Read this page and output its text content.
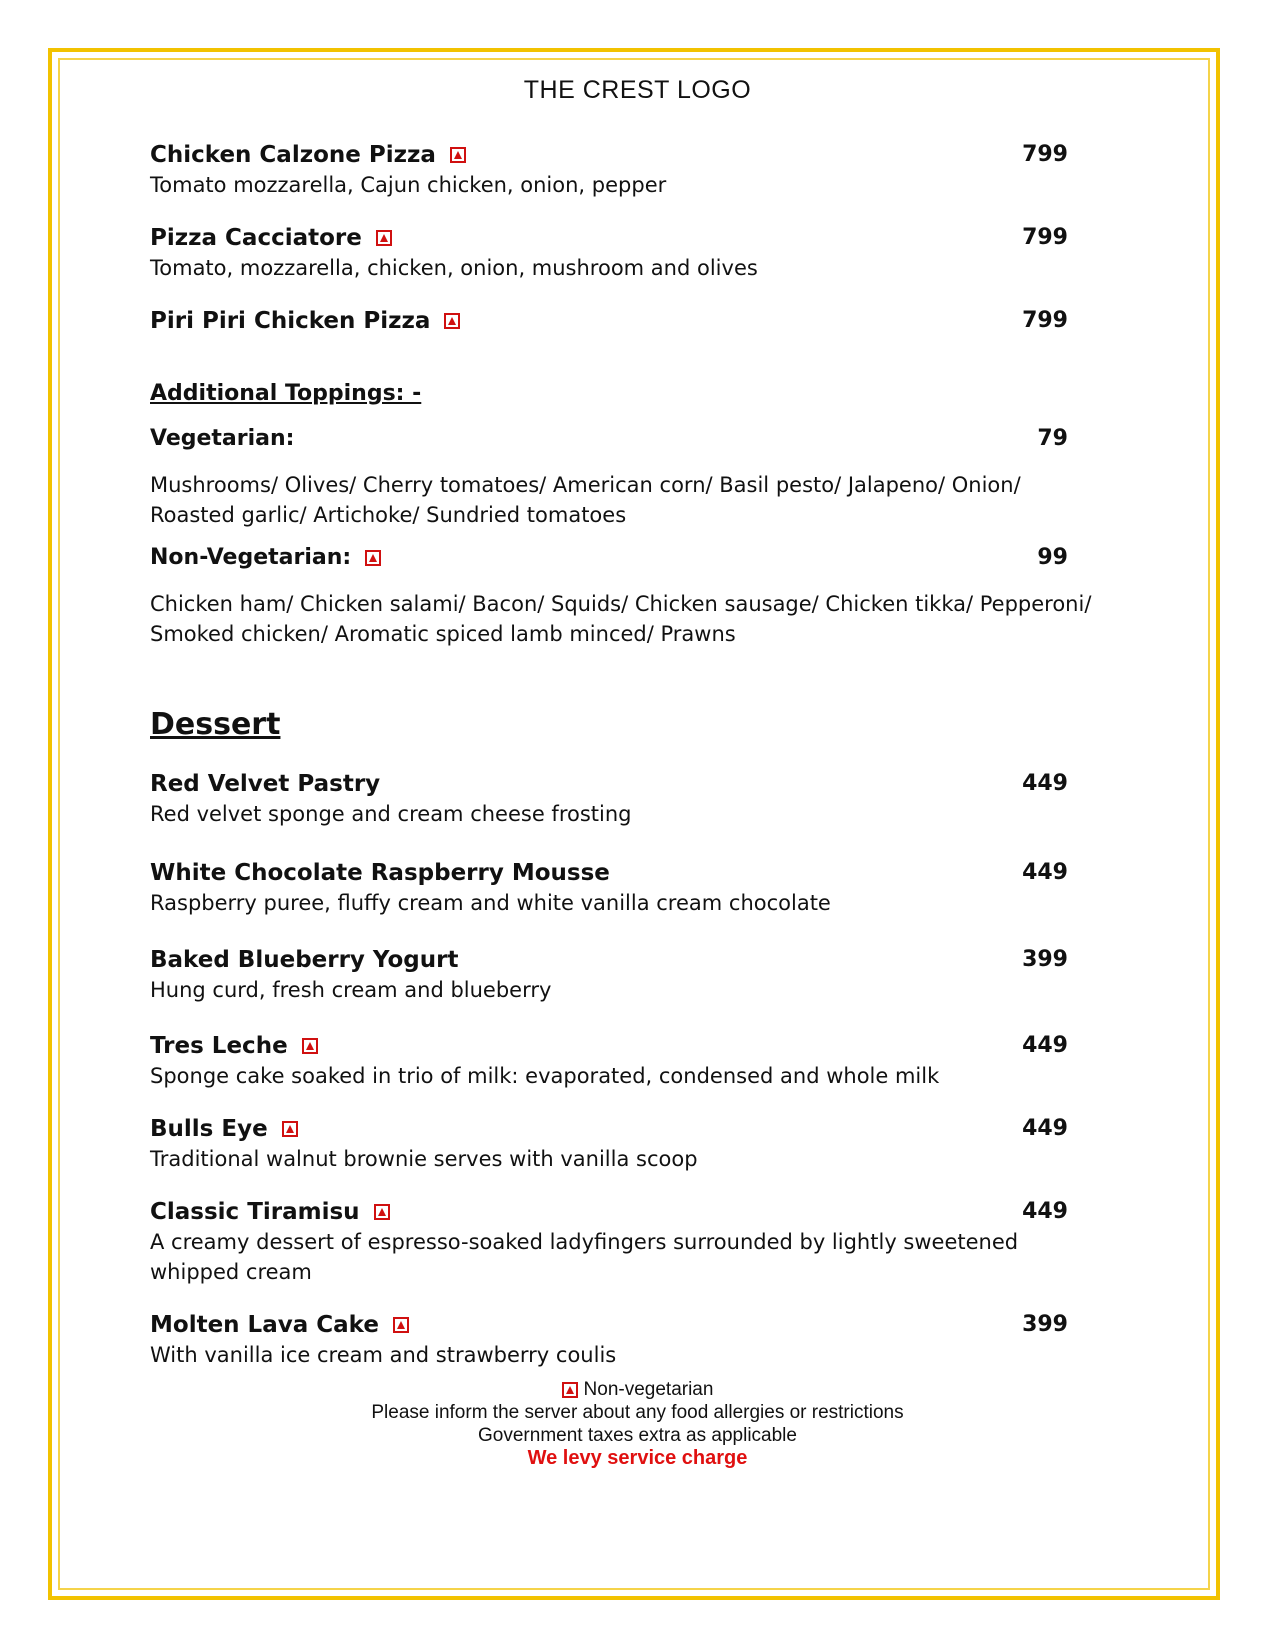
THE CREST LOGO
Chicken Calzone Pizza	799
Tomato mozzarella, Cajun chicken, onion, pepper
Pizza Cacciatore	799
Tomato, mozzarella, chicken, onion, mushroom and olives
Piri Piri Chicken Pizza	799
Additional Toppings: -
Vegetarian:	79
Mushrooms/ Olives/ Cherry tomatoes/ American corn/ Basil pesto/ Jalapeno/ Onion/ Roasted garlic/ Artichoke/ Sundried tomatoes
Non-Vegetarian:	99
Chicken ham/ Chicken salami/ Bacon/ Squids/ Chicken sausage/ Chicken tikka/ Pepperoni/ Smoked chicken/ Aromatic spiced lamb minced/ Prawns
Dessert
Red Velvet Pastry	449
Red velvet sponge and cream cheese frosting
White Chocolate Raspberry Mousse	449
Raspberry puree, fluffy cream and white vanilla cream chocolate
Baked Blueberry Yogurt	399
Hung curd, fresh cream and blueberry
Tres Leche	449
Sponge cake soaked in trio of milk: evaporated, condensed and whole milk
Bulls Eye	449
Traditional walnut brownie serves with vanilla scoop
Classic Tiramisu	449
A creamy dessert of espresso-soaked ladyfingers surrounded by lightly sweetened whipped cream
Molten Lava Cake	399
With vanilla ice cream and strawberry coulis
Non-vegetarian
Please inform the server about any food allergies or restrictions
Government taxes extra as applicable
We levy service charge
